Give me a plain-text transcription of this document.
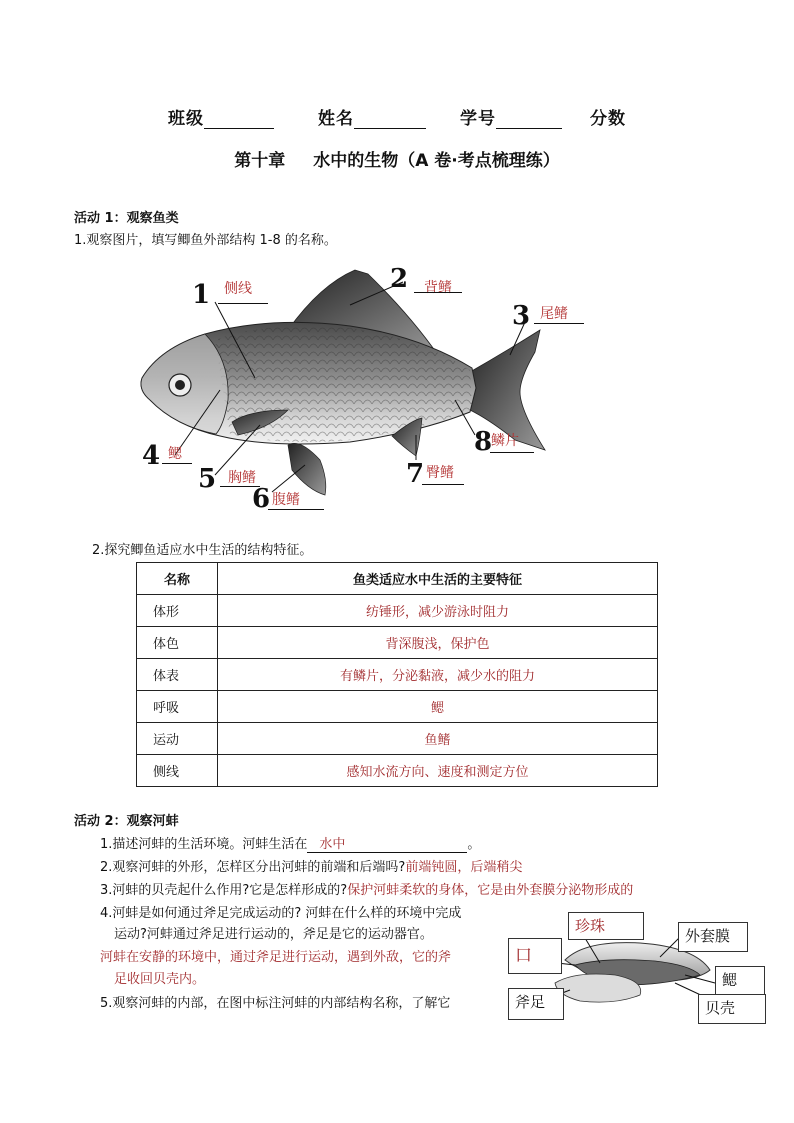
班级	姓名	学号	分数
第十章 水中的生物（A 卷·考点梳理练）
活动 1：观察鱼类
1.观察图片，填写鲫鱼外部结构 1-8 的名称。
1 侧线	2 背鳍
3 尾鳍
4 鳃
5 胸鳍
6 腹鳍
7 臀鳍
8
鳞片
2.探究鲫鱼适应水中生活的结构特征。
名称	鱼类适应水中生活的主要特征
体形	纺锤形，减少游泳时阻力
体色	背深腹浅，保护色
体表	有鳞片，分泌黏液，减少水的阻力
呼吸	鳃
运动	鱼鳍
侧线	感知水流方向、速度和测定方位
活动 2：观察河蚌
1.描述河蚌的生活环境。河蚌生活在 水中	。
2.观察河蚌的外形，怎样区分出河蚌的前端和后端吗?前端钝圆，后端稍尖
3.河蚌的贝壳起什么作用?它是怎样形成的?保护河蚌柔软的身体，它是由外套膜分泌物形成的
4.河蚌是如何通过斧足完成运动的? 河蚌在什么样的环境中完成
运动?河蚌通过斧足进行运动的，斧足是它的运动器官。
河蚌在安静的环境中，通过斧足进行运动，遇到外敌，它的斧
足收回贝壳内。
5.观察河蚌的内部，在图中标注河蚌的内部结构名称，了解它
珍珠
外套膜
口
鳃
斧足	贝壳
